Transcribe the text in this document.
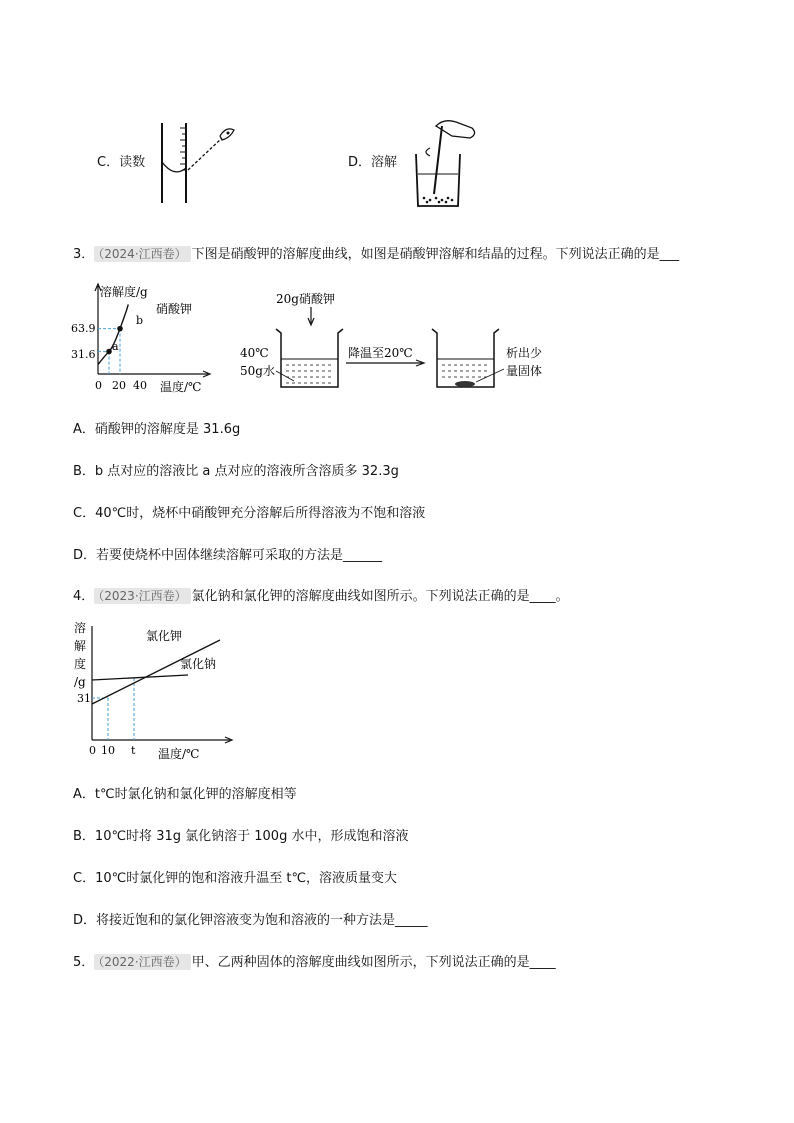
C．读数	D．溶解
3． （2024·江西卷） 下图是硝酸钾的溶解度曲线，如图是硝酸钾溶解和结晶的过程。下列说法正确的是___
溶解度/g
硝酸钾
63.9
31.6
0 20 40 温度/℃
a
b
20g硝酸钾
40℃
50g水
降温至20℃	析出少
量固体
A．硝酸钾的溶解度是 31.6g
B．b 点对应的溶液比 a 点对应的溶液所含溶质多 32.3g
C．40℃时，烧杯中硝酸钾充分溶解后所得溶液为不饱和溶液
D．若要使烧杯中固体继续溶解可采取的方法是______
4． （2023·江西卷） 氯化钠和氯化钾的溶解度曲线如图所示。下列说法正确的是____。
溶
解
度
/g
氯化钾
氯化钠
31
0 10 t 温度/℃
A．t℃时氯化钠和氯化钾的溶解度相等
B．10℃时将 31g 氯化钠溶于 100g 水中，形成饱和溶液
C．10℃时氯化钾的饱和溶液升温至 t℃，溶液质量变大
D．将接近饱和的氯化钾溶液变为饱和溶液的一种方法是_____
5． （2022·江西卷） 甲、乙两种固体的溶解度曲线如图所示，下列说法正确的是____
